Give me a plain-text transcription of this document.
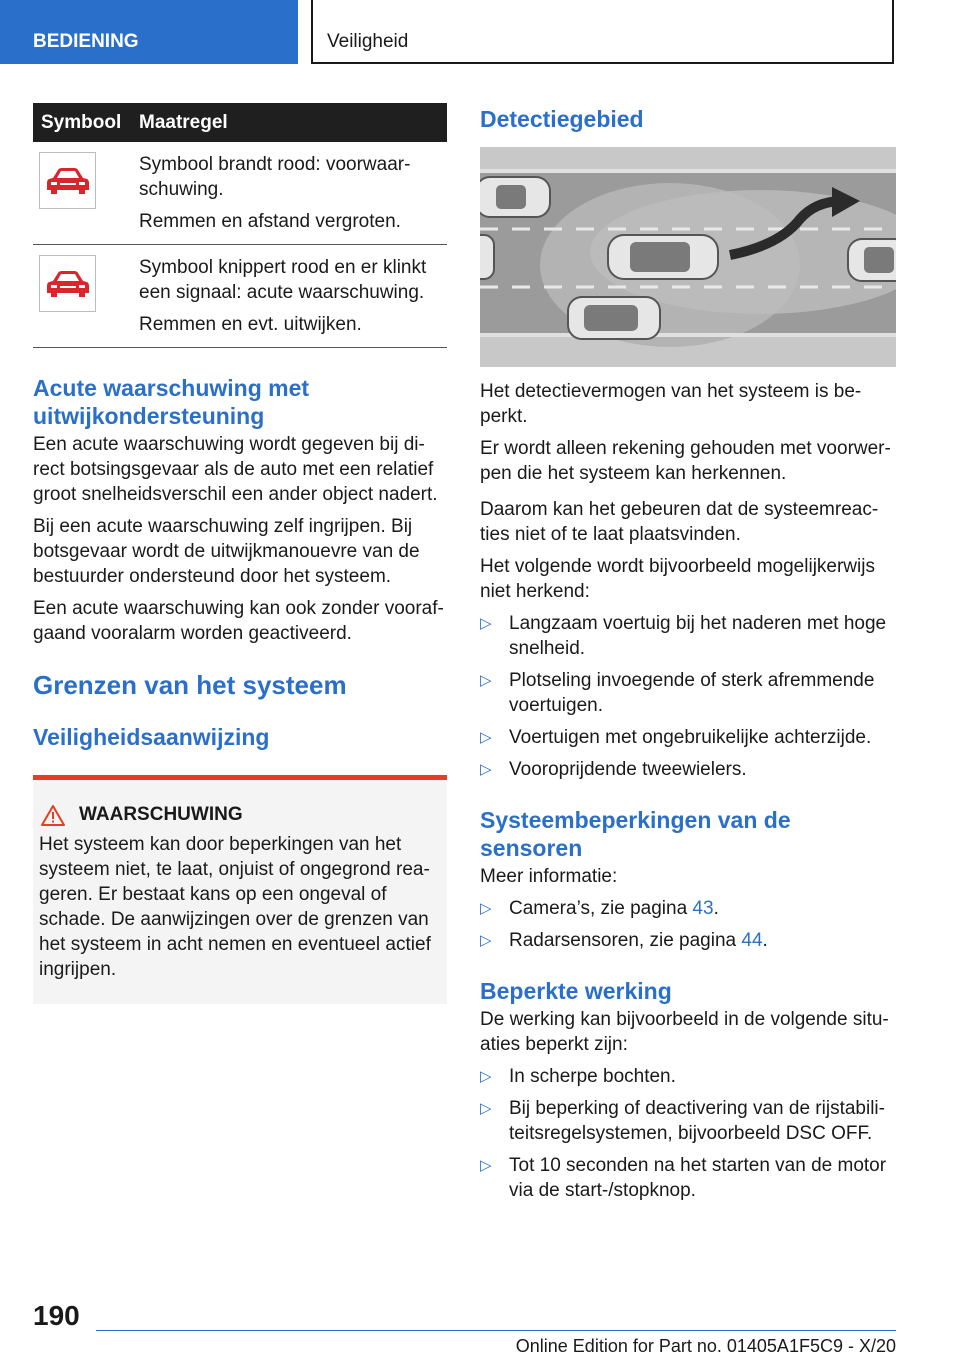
BEDIENING	Veiligheid
Symbool Maatregel

Symbool brandt rood: voorwaar-schuwing.

Remmen en afstand vergroten.

Symbool knippert rood en er klinkt een signaal: acute waarschuwing.

Remmen en evt. uitwijken.

Acute waarschuwing met uitwijkondersteuning

Een acute waarschuwing wordt gegeven bij di-rect botsingsgevaar als de auto met een relatief groot snelheidsverschil een ander object nadert.

Bij een acute waarschuwing zelf ingrijpen. Bij botsgevaar wordt de uitwijkmanouevre van de bestuurder ondersteund door het systeem.

Een acute waarschuwing kan ook zonder vooraf-gaand vooralarm worden geactiveerd.

Grenzen van het systeem
Veiligheidsaanwijzing
WAARSCHUWING

Het systeem kan door beperkingen van het systeem niet, te laat, onjuist of ongegrond rea-geren. Er bestaat kans op een ongeval of schade. De aanwijzingen over de grenzen van het systeem in acht nemen en eventueel actief ingrijpen.

Detectiegebied

Het detectievermogen van het systeem is be-perkt.

Er wordt alleen rekening gehouden met voorwer-pen die het systeem kan herkennen.

Daarom kan het gebeuren dat de systeemreac-ties niet of te laat plaatsvinden.

Het volgende wordt bijvoorbeeld mogelijkerwijs niet herkend:

▷ Langzaam voertuig bij het naderen met hoge snelheid.
▷ Plotseling invoegende of sterk afremmende voertuigen.
▷ Voertuigen met ongebruikelijke achterzijde.
▷ Vooroprijdende tweewielers.
Systeembeperkingen van de sensoren

Meer informatie:

▷ Camera’s, zie pagina 43.
▷ Radarsensoren, zie pagina 44.
Beperkte werking

De werking kan bijvoorbeeld in de volgende situ-aties beperkt zijn:

▷ In scherpe bochten.
▷ Bij beperking of deactivering van de rijstabili-teitsregelsystemen, bijvoorbeeld DSC OFF.
▷ Tot 10 seconden na het starten van de motor via de start-/stopknop.
190
Online Edition for Part no. 01405A1F5C9 - X/20
